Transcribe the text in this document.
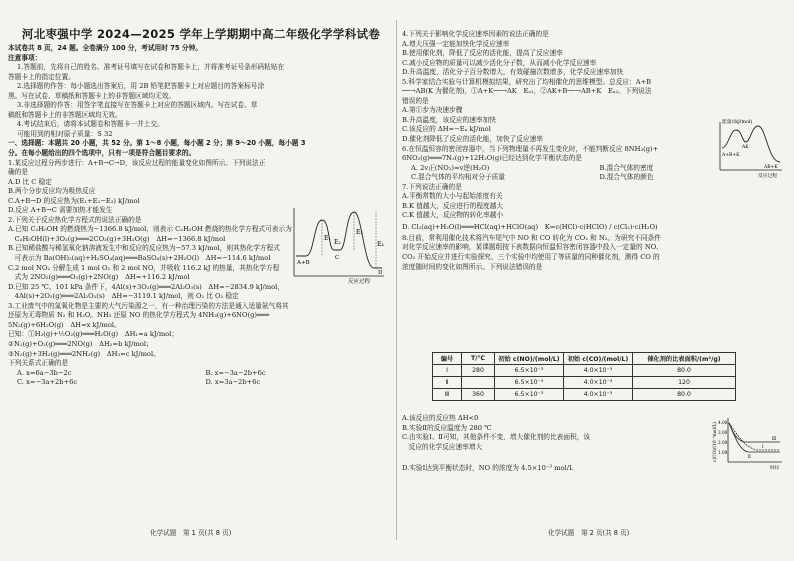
河北枣强中学 2024—2025 学年上学期期中高二年级化学学科试卷
本试卷共 8 页，24 题。全卷满分 100 分，考试用时 75 分钟。
注意事项：
1.答题前，先将自己的姓名、准考证号填写在试卷和答题卡上，并将准考证号条形码粘贴在
答题卡上的指定位置。
2.选择题的作答：每小题选出答案后，用 2B 铅笔把答题卡上对应题目的答案标号涂
黑。写在试卷、草稿纸和答题卡上的非答题区域均无效。
3.非选择题的作答：用签字笔直接写在答题卡上对应的答题区域内。写在试卷、草
稿纸和答题卡上的非答题区域均无效。
4.考试结束后，请将本试题卷和答题卡一并上交。
可能用到的相对原子质量：S 32
一、选择题：本题共 20 小题，共 52 分。第 1～8 小题，每小题 2 分；第 9～20 小题，每小题 3
分。在每小题给出的四个选项中，只有一项是符合题目要求的。
1.某反应过程分两步进行：A+B→C→D，该反应过程的能量变化如图所示。下列说法正
确的是
A.D 比 C 稳定
B.两个分步反应均为吸热反应
C.A+B→D 的反应热为(E₁+E₂−E₃) kJ/mol
D.反应 A+B→C 需要加热才能发生
2.下列关于反应热化学方程式的说法正确的是
A.已知 C₂H₅OH 的燃烧热为−1366.8 kJ/mol，则表示 C₂H₅OH 燃烧的热化学方程式可表示为
　C₂H₅OH(l)+3O₂(g)═══2CO₂(g)+3H₂O(g)　ΔH=−1366.8 kJ/mol
B.已知稀盐酸与稀氢氧化钠溶液发生中和反应的反应热为−57.3 kJ/mol，则其热化学方程式
　可表示为 Ba(OH)₂(aq)+H₂SO₄(aq)═══BaSO₄(s)+2H₂O(l)　ΔH=−114.6 kJ/mol
C.2 mol NO₂ 分解生成 1 mol O₂ 和 2 mol NO，并吸收 116.2 kJ 的热量，其热化学方程
　式为 2NO₂(g)═══O₂(g)+2NO(g)　ΔH=+116.2 kJ/mol
D.已知 25 ℃、101 kPa 条件下，4Al(s)+3O₂(g)═══2Al₂O₃(s)　ΔH=−2834.9 kJ/mol，
　4Al(s)+2O₃(g)═══2Al₂O₃(s)　ΔH=−3119.1 kJ/mol，则 O₂ 比 O₃ 稳定
3.工业废气中的氮氧化物是主要的大气污染源之一，有一种治理污染的方法是通入适量氨气将其
还原为无毒物质 N₂ 和 H₂O。NH₃ 还原 NO 的热化学方程式为 4NH₃(g)+6NO(g)═══
5N₂(g)+6H₂O(g)　ΔH=x kJ/mol。
已知：①H₂(g)+½O₂(g)═══H₂O(g)　ΔH₁=a kJ/mol；
②N₂(g)+O₂(g)═══2NO(g)　ΔH₂=b kJ/mol；
③N₂(g)+3H₂(g)═══2NH₃(g)　ΔH₃=c kJ/mol。
下列关系式正确的是
A. x=6a−3b−2c	B. x=−3a−2b+6c
C. x=−3a+2b+6c	D. x=3a−2b+6c
E₁
E₂
E₃
E₄
A+B
C
D
反应过程
4.下列关于影响化学反应速率因素的说法正确的是
A.增大压强一定能加快化学反应速率
B.使用催化剂，降低了反应的活化能，提高了反应速率
C.减小反应物的质量可以减少活化分子数，从而减小化学反应速率
D.升高温度，活化分子百分数增大，有效碰撞次数增多，化学反应速率加快
5.科学家结合实验与计算机模拟结果，研究出了均相催化的思维模型。总反应：A+B
──→AB(K 为催化剂)，①A+K──→AK　Eₐ₁，②AK+B──→AB+K　Eₐ₂。下列说法
错误的是
A.第①步为决速步骤
B.升高温度，该反应的速率加快
C.该反应的 ΔH=−Eₐ kJ/mol
D.催化剂降低了反应的活化能，加快了反应速率
6.在恒温恒容的密闭容器中，当下列物理量不再发生变化时，不能判断反应 8NH₃(g)+
6NO₂(g)═══7N₂(g)+12H₂O(g)已经达到化学平衡状态的是
A. 2v正(NO₂)=v逆(H₂O)	B.混合气体的密度
C.混合气体的平均相对分子质量	D.混合气体的颜色
7.下列说法正确的是
A.平衡常数的大小与起始浓度有关
B.K 值越大，反应进行的程度越大
C.K 值越大，反应物的转化率越小
D. Cl₂(aq)+H₂O(l)═══HCl(aq)+HClO(aq)　K=c(HCl)·c(HClO) / c(Cl₂)·c(H₂O)
8.目前，常利用催化技术将汽车尾气中 NO 和 CO 转化为 CO₂ 和 N₂。为研究不同条件
对化学反应速率的影响，某课题组按下表数据向恒温恒容密闭容器中投入一定量的 NO、
CO₂ 开始反应并进行实验探究，三个实验中均使用了等质量的同种催化剂，测得 CO 的
浓度随时间的变化如图所示。下列说法错误的是
能量/(kJ/mol)
A+B+K
AK
AB+K
反应过程
编号	T/℃	初始 c(NO)/(mol/L)	初始 c(CO)/(mol/L)	催化剂的比表面积/(m²/g)
Ⅰ	280	6.5×10⁻³	4.0×10⁻³	80.0
Ⅱ		6.5×10⁻³	4.0×10⁻³	120
Ⅲ	360	6.5×10⁻³	4.0×10⁻³	80.0
A.该反应的反应热 ΔH<0
B.实验Ⅱ的反应温度为 280 ℃
C.由实验Ⅰ、Ⅱ可知，其他条件不变，增大催化剂的比表面积，该
　反应的化学反应速率增大
D.实验Ⅰ达到平衡状态时，NO 的浓度为 4.5×10⁻³ mol/L
c(CO)/(10⁻³mol/L) 4.00
3.00
2.00
1.00
Ⅱ
Ⅰ
Ⅲ
时间
化学试题　第 1 页(共 8 页)	化学试题　第 2 页(共 8 页)
